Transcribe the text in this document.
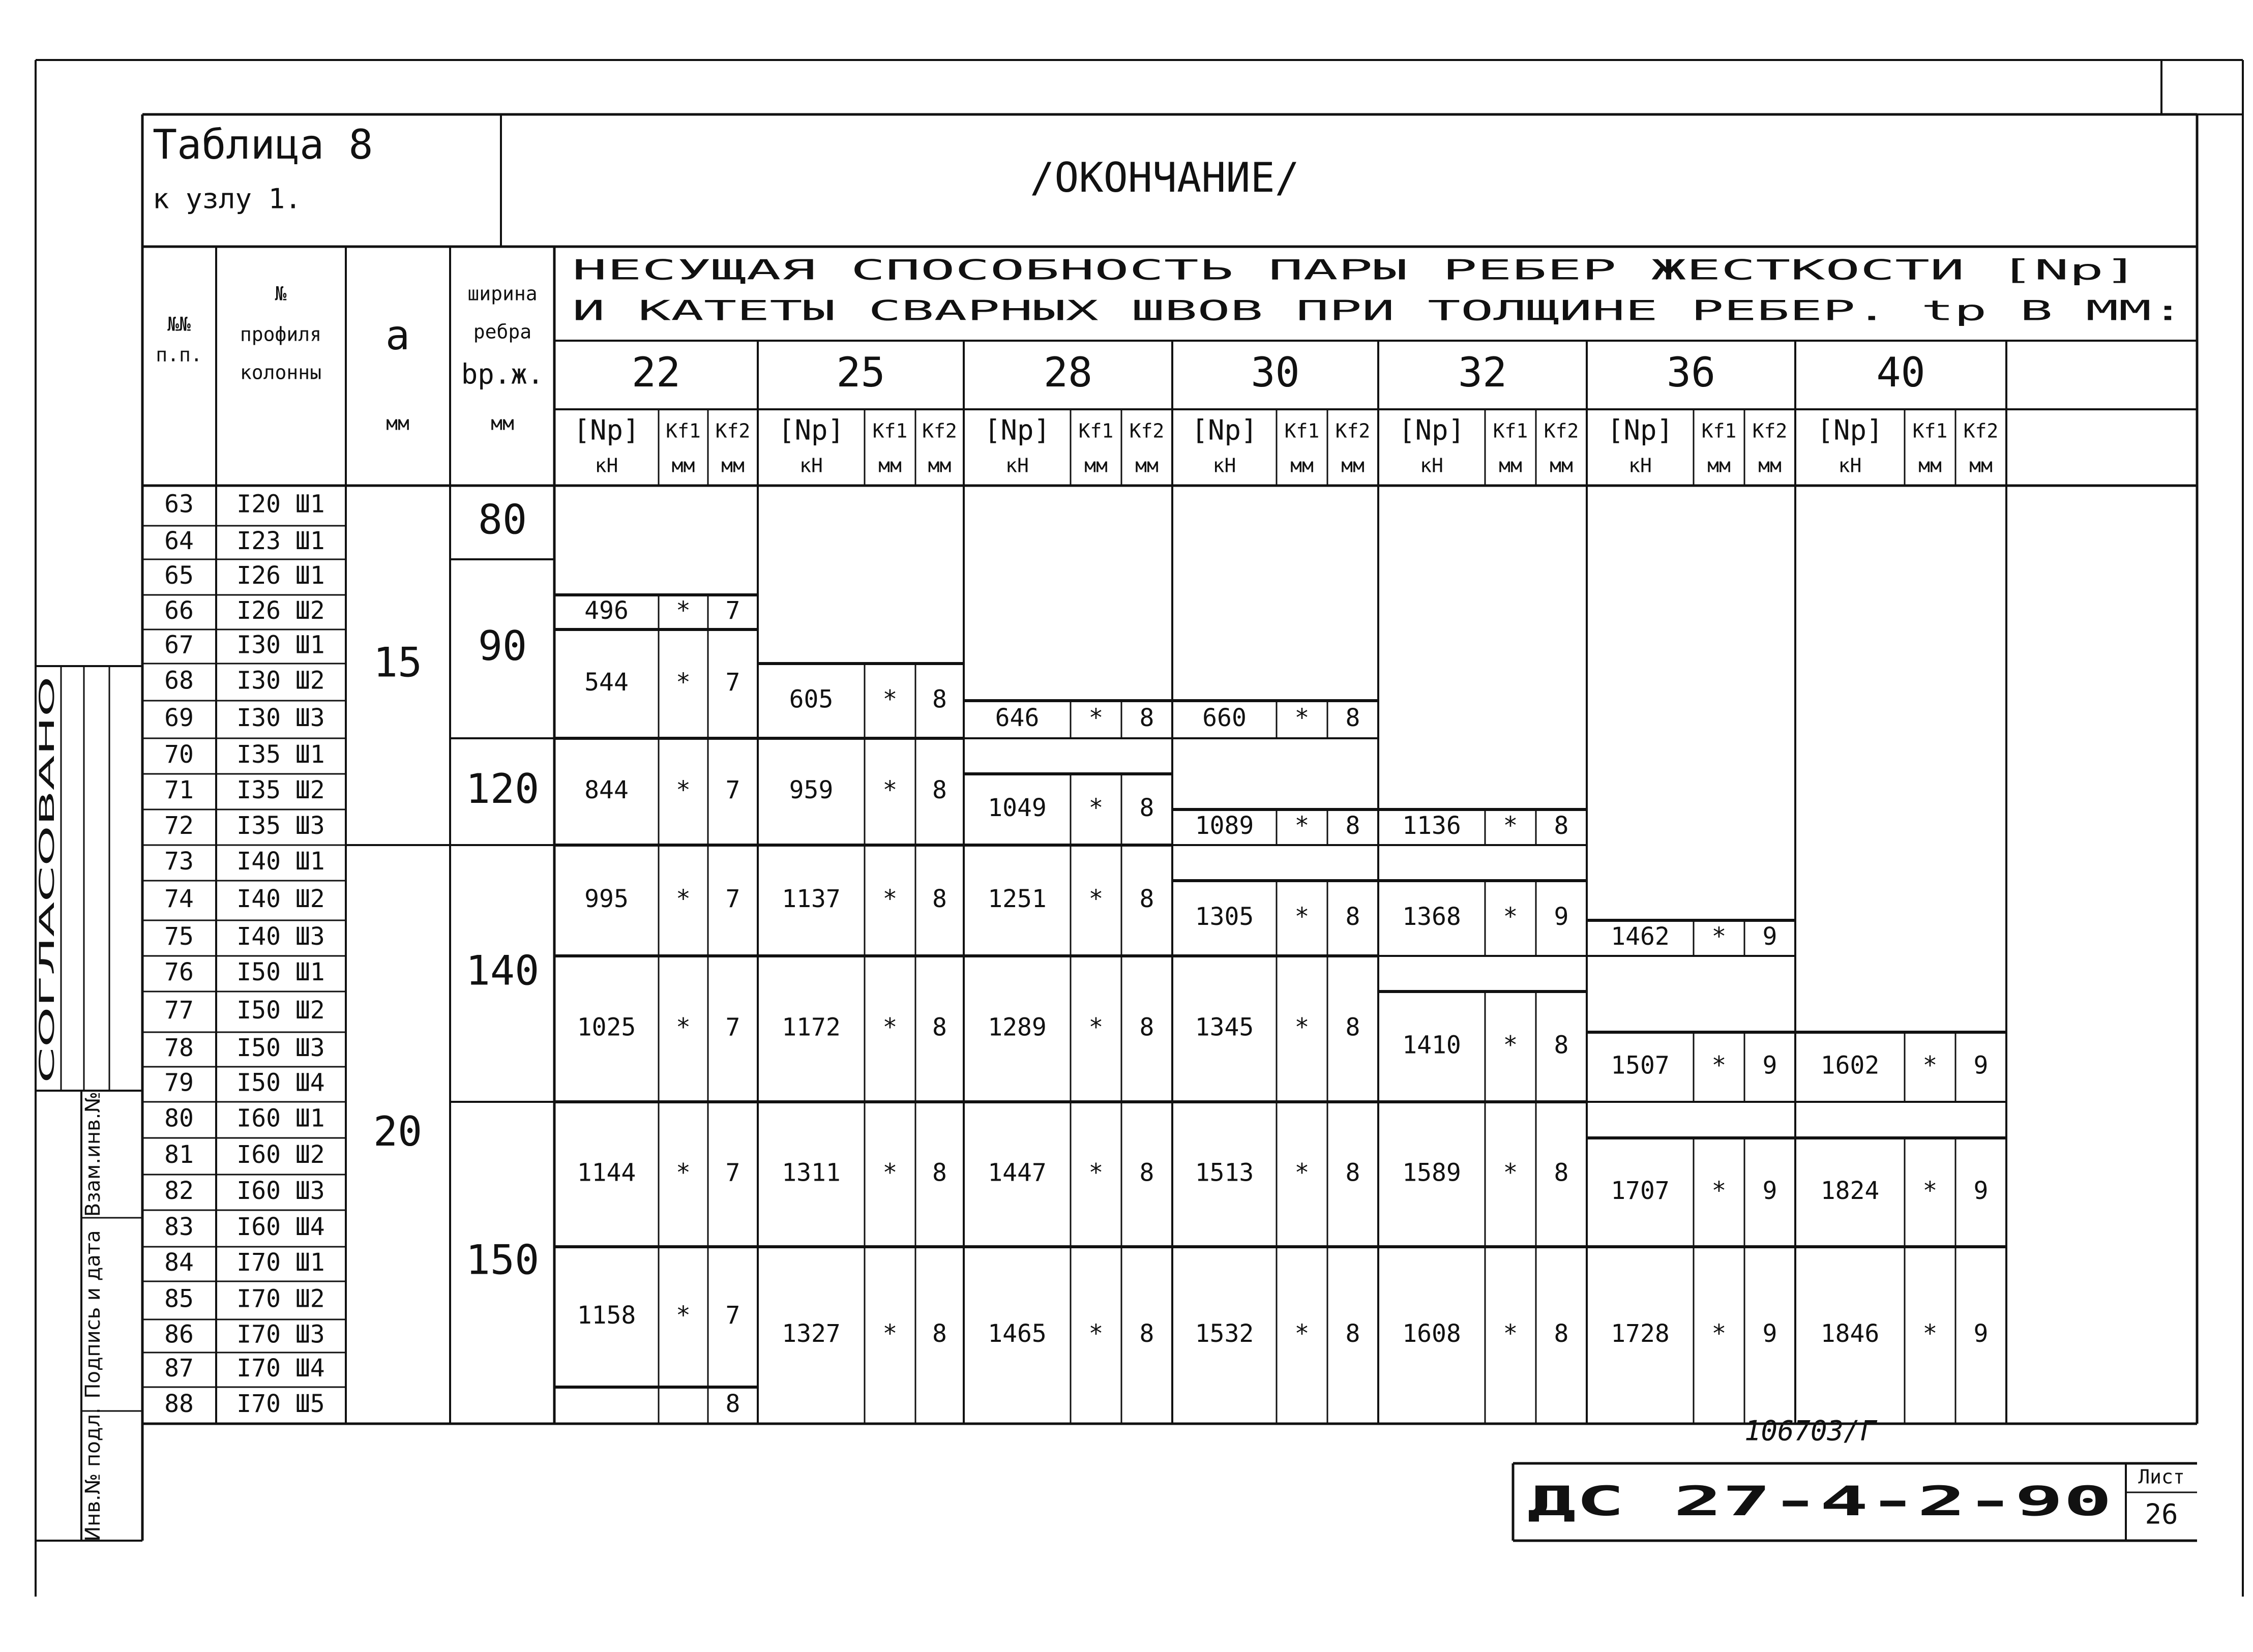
Таблица 8
к узлу 1.	/ОКОНЧАНИЕ/
№№
п.п.
№
профиля
колонны
a
мм
ширина
ребра
bр.ж.
мм
НЕСУЩАЯ СПОСОБНОСТЬ ПАРЫ РЕБЕР ЖЕСТКОСТИ [Nр]
И КАТЕТЫ СВАРНЫХ ШВОВ ПРИ ТОЛЩИНЕ РЕБЕР. tр В ММ:
22
[Nр]
кН
Kf1
мм
Kf2
мм
25
[Nр]
кН
Kf1
мм
Kf2
мм
28
[Nр]
кН
Kf1
мм
Kf2
мм
30
[Nр]
кН
Kf1
мм
Kf2
мм
32
[Nр]
кН
Kf1
мм
Kf2
мм
36
[Nр]
кН
Kf1
мм
Kf2
мм
40
[Nр]
кН
Kf1
мм
Kf2
мм
63 I20 Ш1
64 I23 Ш1
65 I26 Ш1
66 I26 Ш2
67 I30 Ш1
68 I30 Ш2
69 I30 Ш3
70 I35 Ш1
71 I35 Ш2
72 I35 Ш3
73 I40 Ш1
74 I40 Ш2
75 I40 Ш3
76 I50 Ш1
77 I50 Ш2
78 I50 Ш3
79 I50 Ш4
80 I60 Ш1
81 I60 Ш2
82 I60 Ш3
83 I60 Ш4
84 I70 Ш1
85 I70 Ш2
86 I70 Ш3
87 I70 Ш4
88 I70 Ш5
15
20
80
90
120
140
150
496 * 7
544 * 7
844 * 7
995 * 7
1025 * 7
1144 * 7
1158 * 7
8
605 * 8
959 * 8
1137 * 8
1172 * 8
1311 * 8
1327 * 8
646 * 8
1049 * 8
1251 * 8
1289 * 8
1447 * 8
1465 * 8
660 * 8
1089 * 8
1305 * 8
1345 * 8
1513 * 8
1532 * 8
1136 * 8
1368 * 9
1410 * 8
1589 * 8
1608 * 8
1462 * 9
1507 * 9
1707 * 9
1728 * 9
1602 * 9
1824 * 9
1846 * 9
СОГЛАСОВАНО
Инв.№ подл.
Подпись и дата
Взам.инв.№
106703/Г
ДС 27-4-2-90
Лист
26
